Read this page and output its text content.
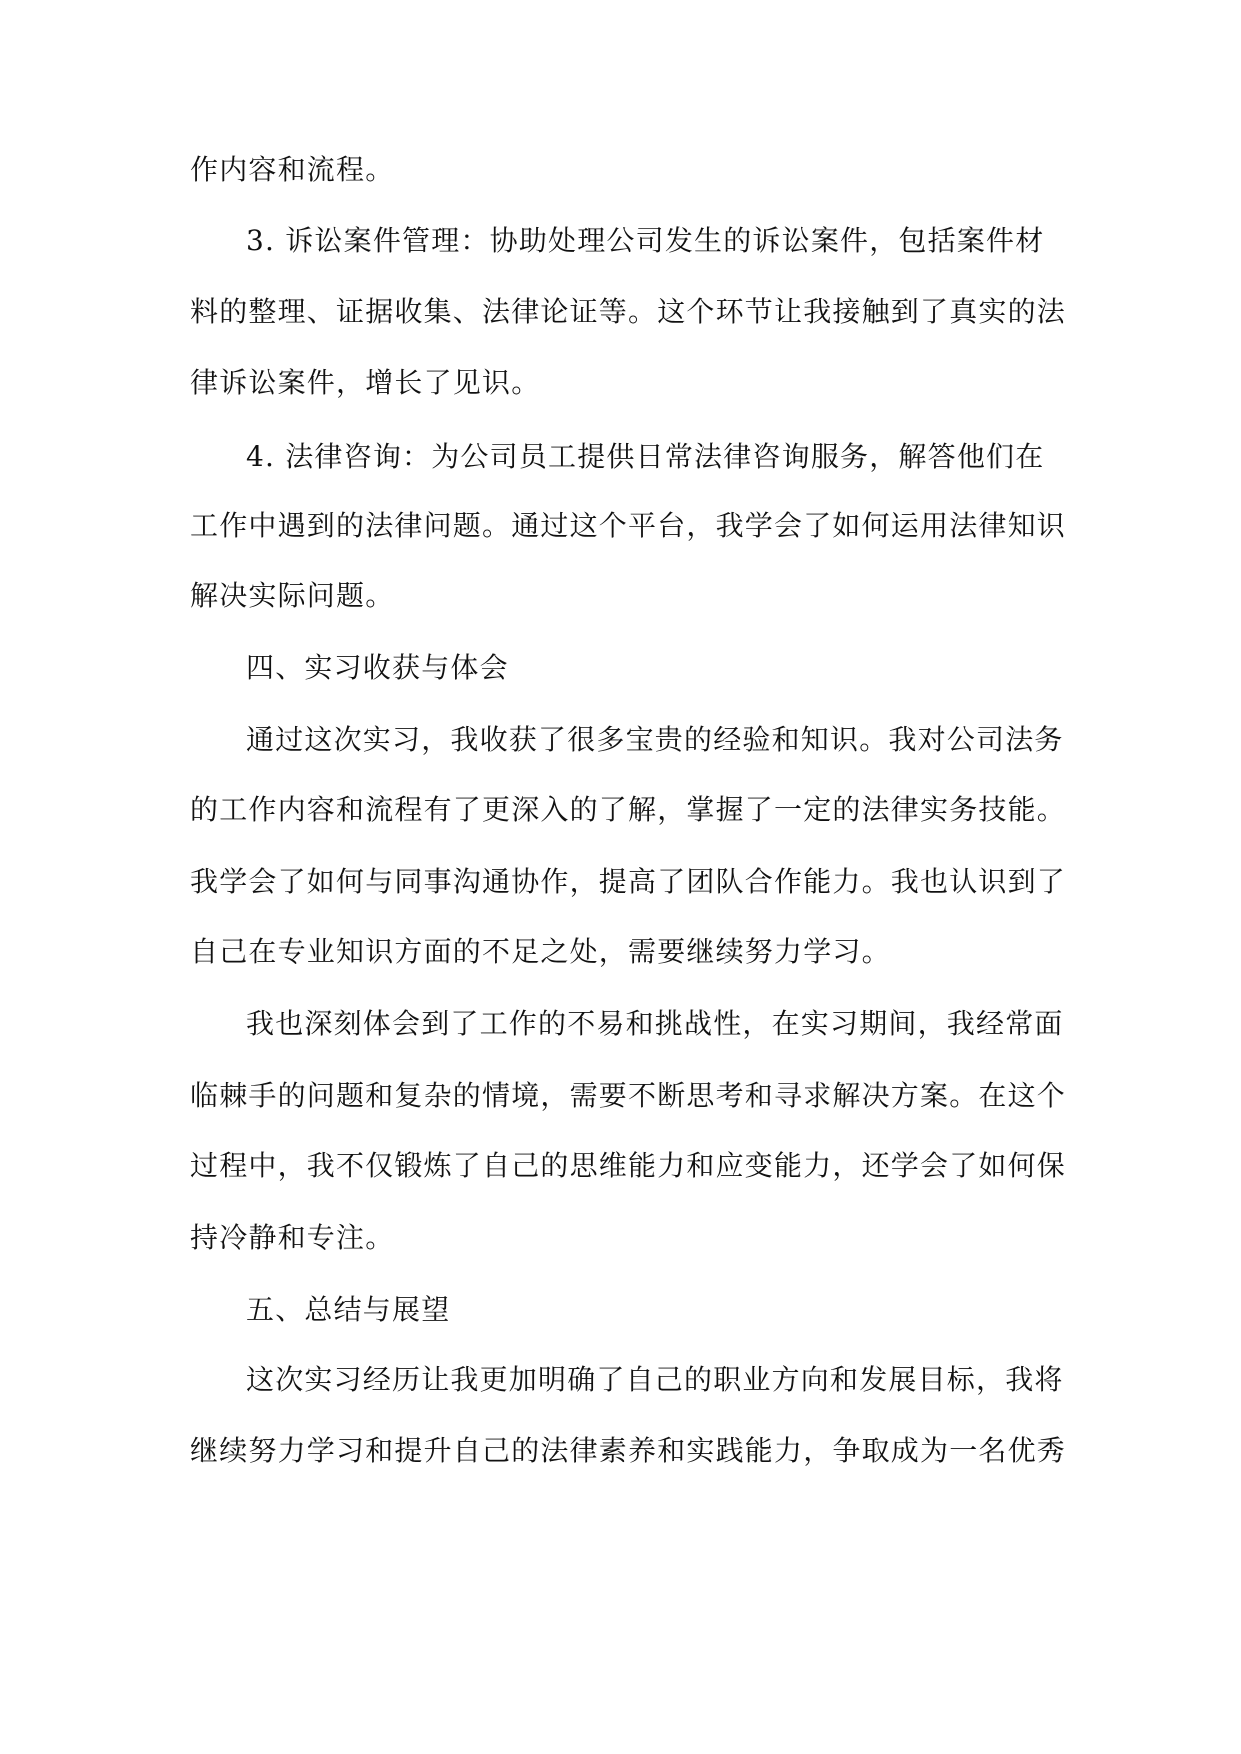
作内容和流程。

3. 诉讼案件管理：协助处理公司发生的诉讼案件，包括案件材

料的整理、证据收集、法律论证等。这个环节让我接触到了真实的法

律诉讼案件，增长了见识。

4. 法律咨询：为公司员工提供日常法律咨询服务，解答他们在

工作中遇到的法律问题。通过这个平台，我学会了如何运用法律知识

解决实际问题。

四、实习收获与体会

通过这次实习，我收获了很多宝贵的经验和知识。我对公司法务

的工作内容和流程有了更深入的了解，掌握了一定的法律实务技能。

我学会了如何与同事沟通协作，提高了团队合作能力。我也认识到了

自己在专业知识方面的不足之处，需要继续努力学习。

我也深刻体会到了工作的不易和挑战性，在实习期间，我经常面

临棘手的问题和复杂的情境，需要不断思考和寻求解决方案。在这个

过程中，我不仅锻炼了自己的思维能力和应变能力，还学会了如何保

持冷静和专注。

五、总结与展望

这次实习经历让我更加明确了自己的职业方向和发展目标，我将

继续努力学习和提升自己的法律素养和实践能力，争取成为一名优秀
